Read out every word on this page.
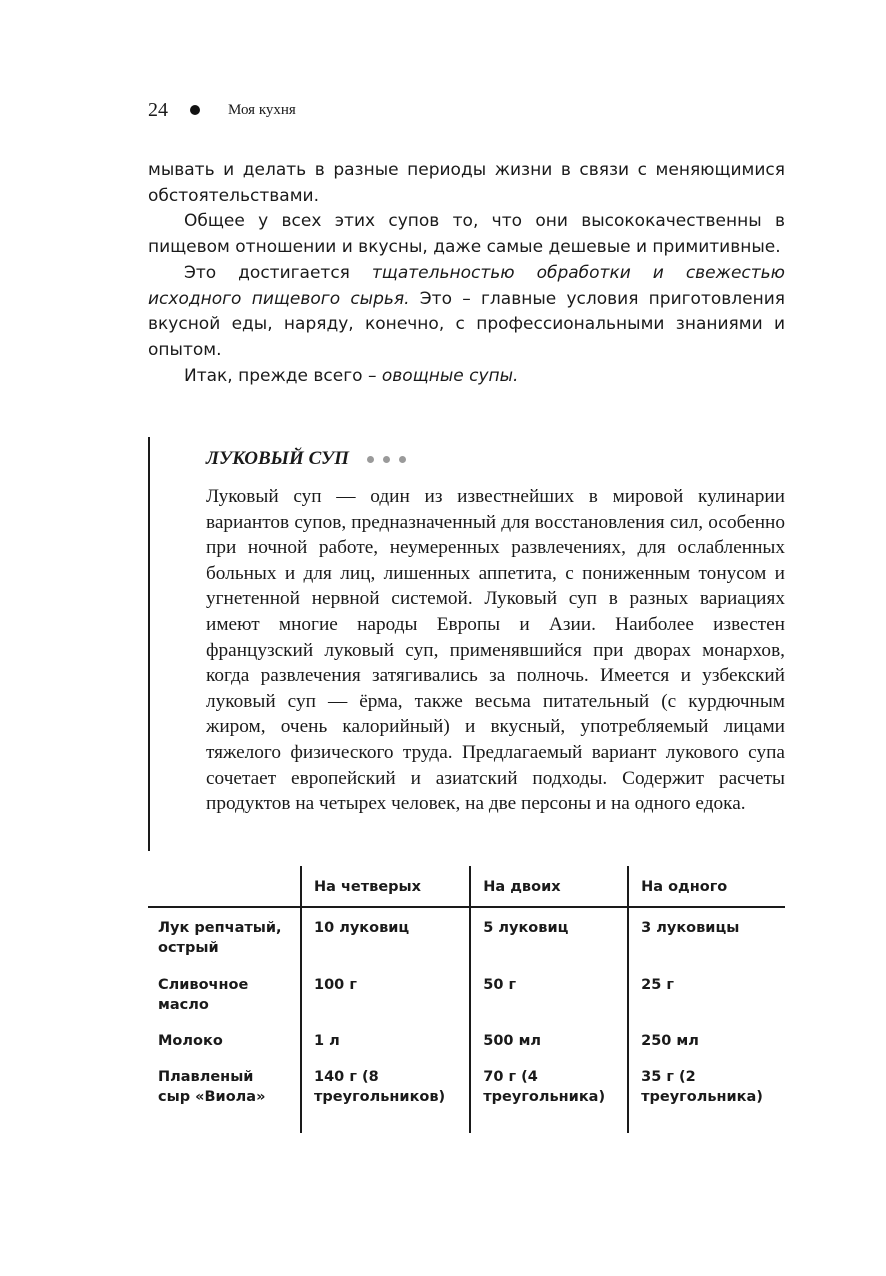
24	Моя кухня

мывать и делать в разные периоды жизни в связи с меняющимися обстоятельствами.

Общее у всех этих супов то, что они высококачественны в пищевом отношении и вкусны, даже самые дешевые и примитивные.

Это достигается тщательностью обработки и свежестью исходного пищевого сырья. Это – главные условия приготовления вкусной еды, наряду, конечно, с профессиональными знаниями и опытом.

Итак, прежде всего – овощные супы.

ЛУКОВЫЙ СУП

Луковый суп — один из известнейших в мировой кулинарии вариантов супов, предназначенный для восстановления сил, особенно при ночной работе, неумеренных развлечениях, для ослабленных больных и для лиц, лишенных аппетита, с пониженным тонусом и угнетенной нервной системой. Луковый суп в разных вариациях имеют многие народы Европы и Азии. Наиболее известен французский луковый суп, применявшийся при дворах монархов, когда развлечения затягивались за полночь. Имеется и узбекский луковый суп — ёрма, также весьма питательный (с курдючным жиром, очень калорийный) и вкусный, употребляемый лицами тяжелого физического труда. Предлагаемый вариант лукового супа сочетает европейский и азиатский подходы. Содержит расчеты продуктов на четырех человек, на две персоны и на одного едока.

	На четверых	На двоих	На одного
Лук репчатый, острый	10 луковиц	5 луковиц	3 луковицы
Сливочное масло	100 г	50 г	25 г
Молоко	1 л	500 мл	250 мл
Плавленый сыр «Виола»	140 г (8 треугольников)	70 г (4 треугольника)	35 г (2 треугольника)
